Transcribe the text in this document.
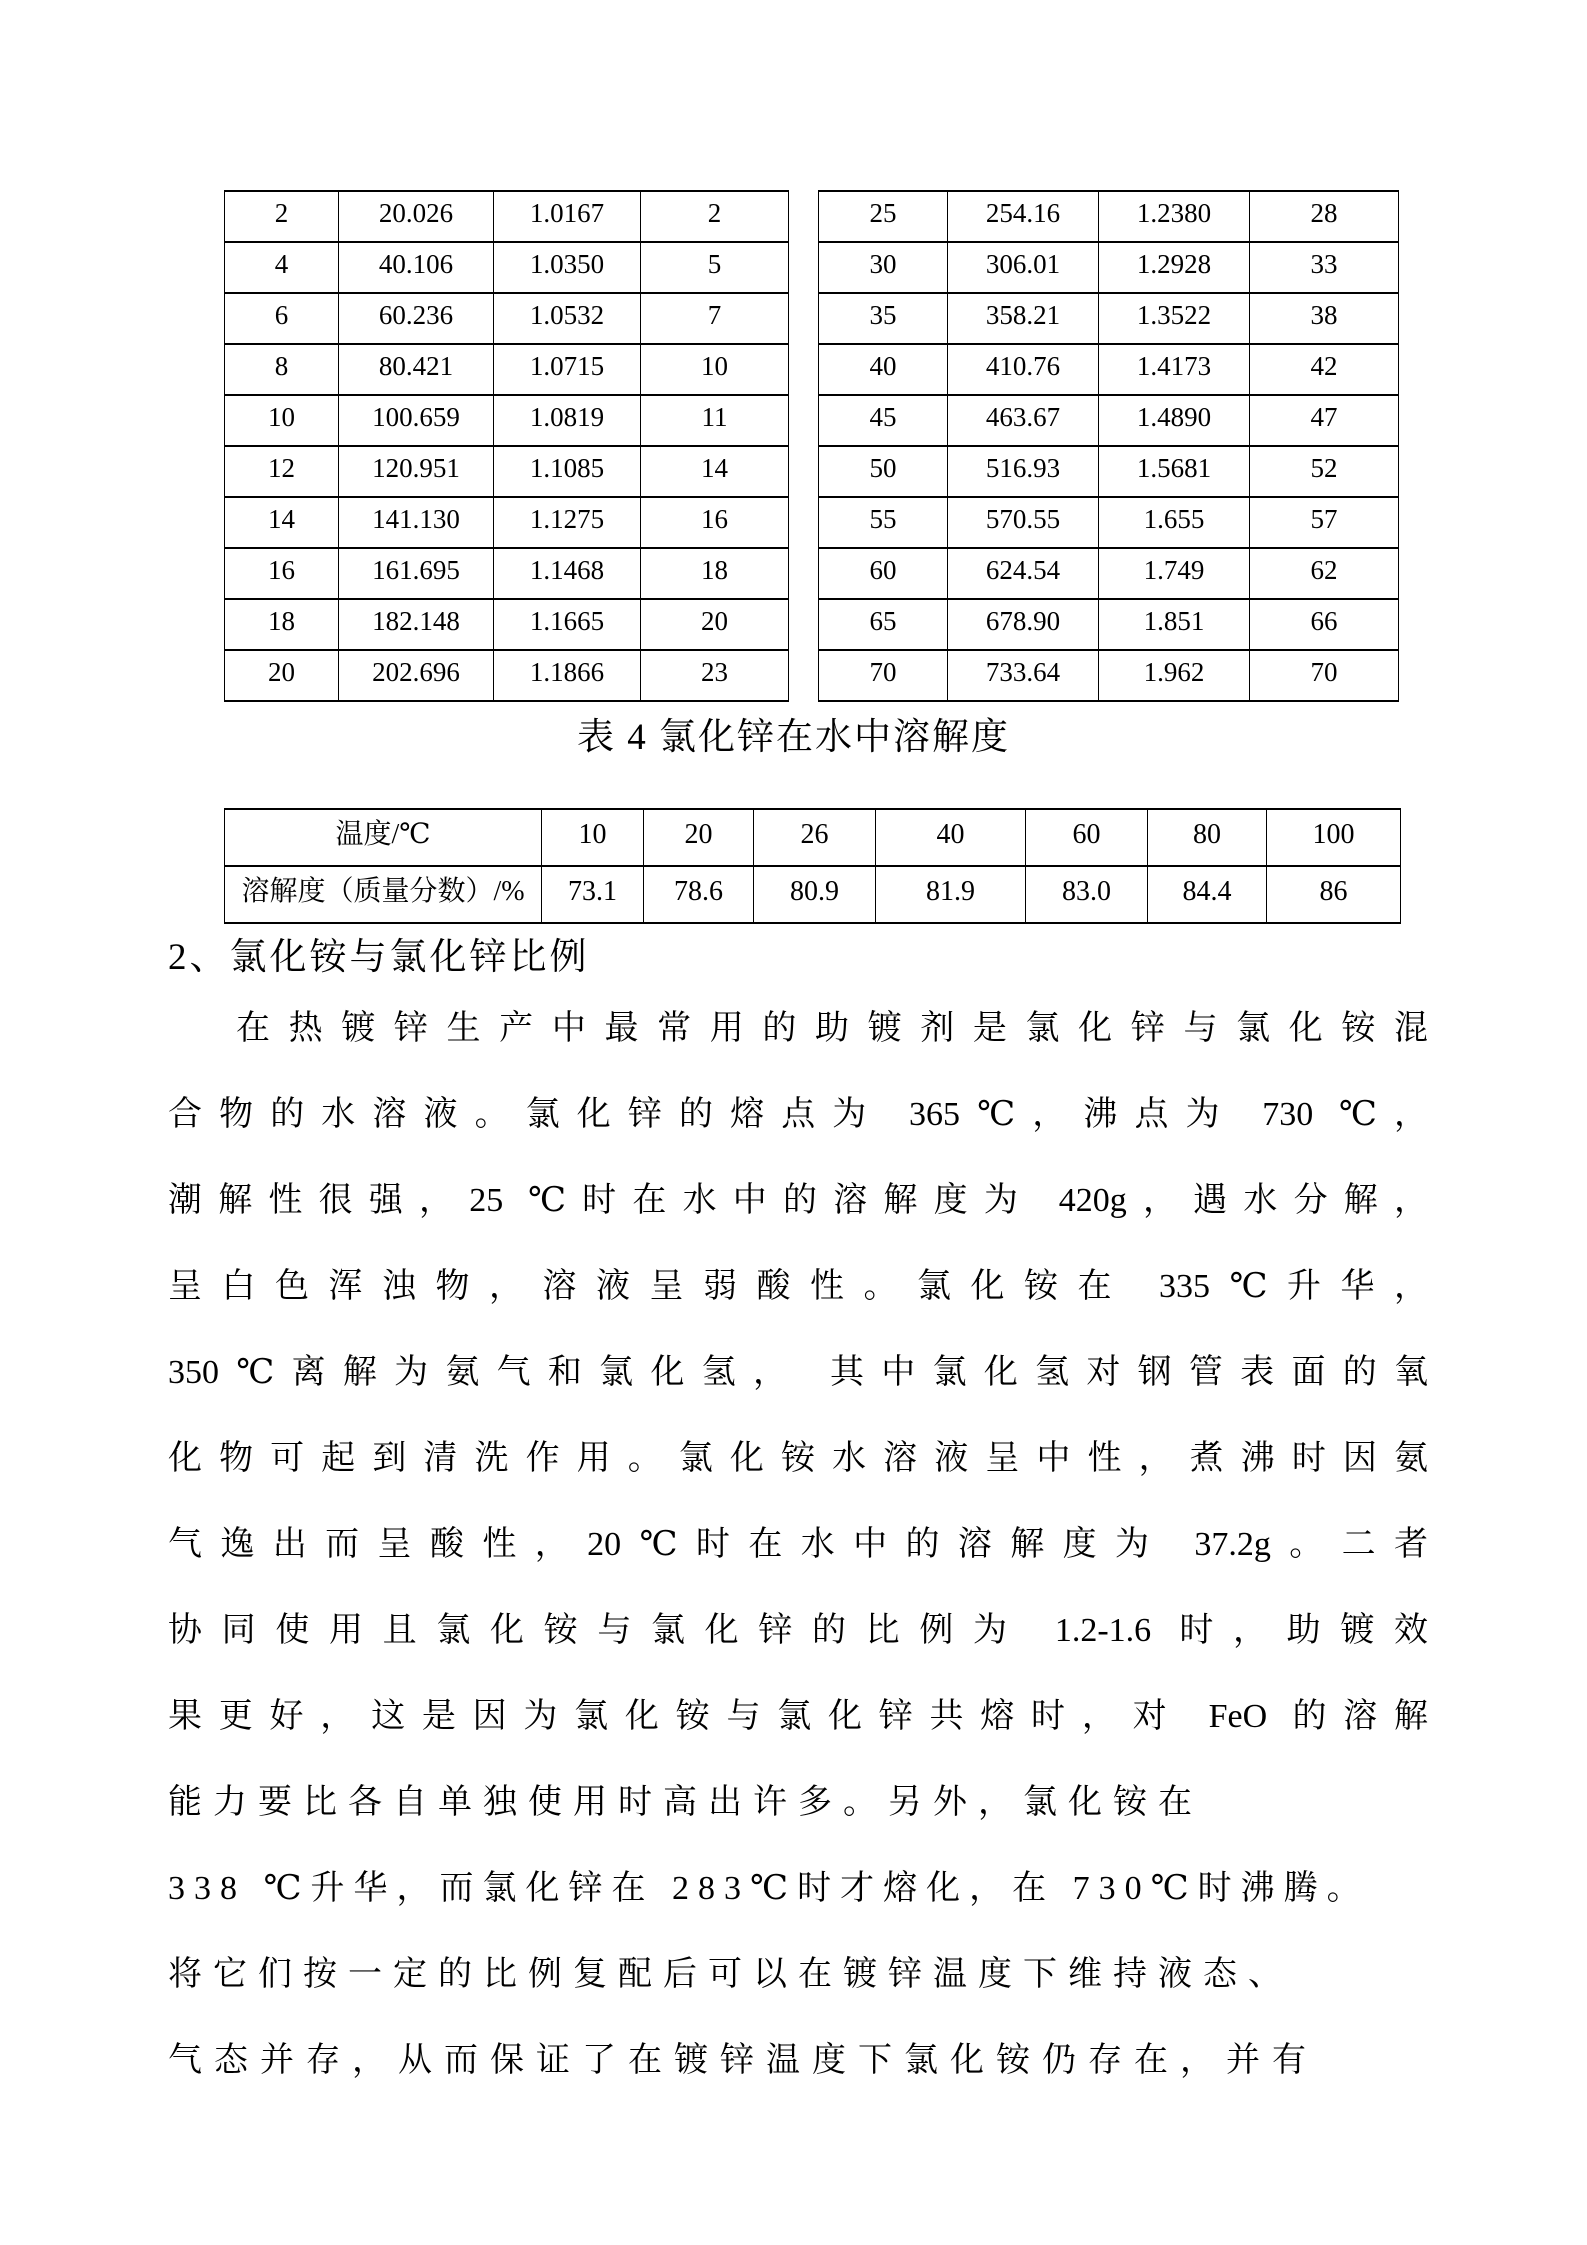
2	20.026	1.0167	2
4	40.106	1.0350	5
6	60.236	1.0532	7
8	80.421	1.0715	10
10	100.659	1.0819	11
12	120.951	1.1085	14
14	141.130	1.1275	16
16	161.695	1.1468	18
18	182.148	1.1665	20
20	202.696	1.1866	23
25	254.16	1.2380	28
30	306.01	1.2928	33
35	358.21	1.3522	38
40	410.76	1.4173	42
45	463.67	1.4890	47
50	516.93	1.5681	52
55	570.55	1.655	57
60	624.54	1.749	62
65	678.90	1.851	66
70	733.64	1.962	70
表 4 氯化锌在水中溶解度
温度/℃	10	20	26	40	60	80	100
溶解度（质量分数）/%	73.1	78.6	80.9	81.9	83.0	84.4	86
2、氯化铵与氯化锌比例
在热镀锌生产中最常用的助镀剂是氯化锌与氯化铵混
合物的水溶液。氯化锌的熔点为 365℃，沸点为 730 ℃，
潮解性很强，25 ℃时在水中的溶解度为 420g，遇水分解，
呈白色浑浊物，溶液呈弱酸性。氯化铵在 335℃升华，
350℃离解为氨气和氯化氢， 其中氯化氢对钢管表面的氧
化物可起到清洗作用。氯化铵水溶液呈中性，煮沸时因氨
气逸出而呈酸性，20℃时在水中的溶解度为 37.2g。二者
协同使用且氯化铵与氯化锌的比例为 1.2-1.6 时，助镀效
果更好，这是因为氯化铵与氯化锌共熔时，对 FeO 的溶解
能力要比各自单独使用时高出许多。另外，氯化铵在
338 ℃升华，而氯化锌在 283℃时才熔化，在 730℃时沸腾。
将它们按一定的比例复配后可以在镀锌温度下维持液态、
气态并存，从而保证了在镀锌温度下氯化铵仍存在，并有
